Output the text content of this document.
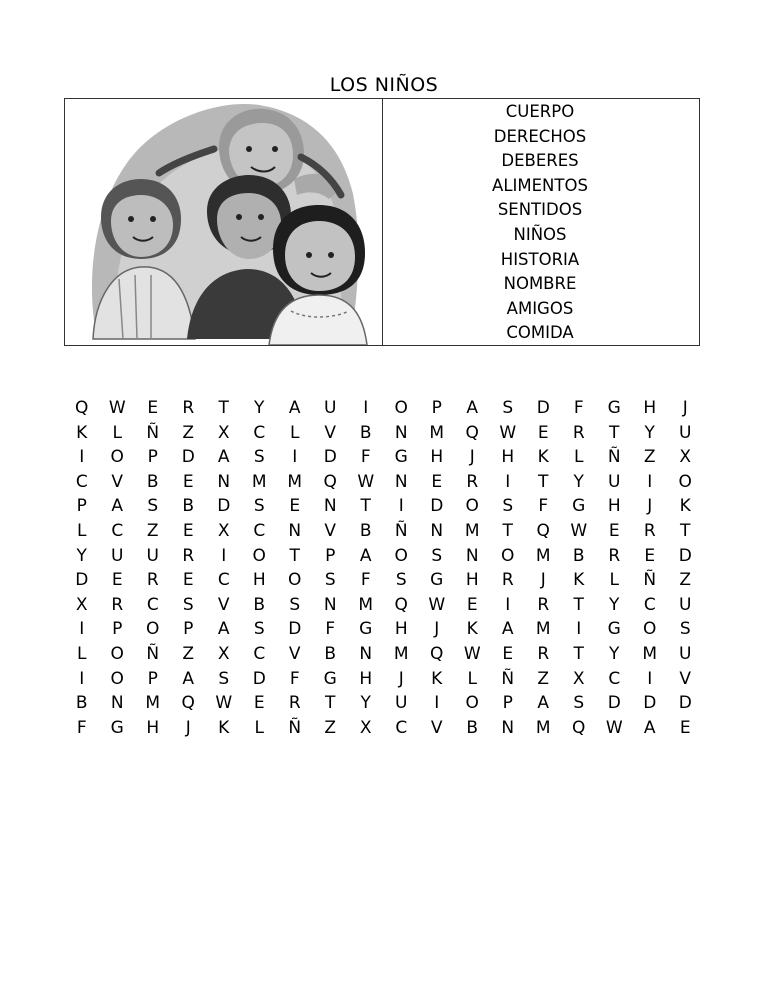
LOS NIÑOS
CUERPO
DERECHOS
DEBERES
ALIMENTOS
SENTIDOS
NIÑOS
HISTORIA
NOMBRE
AMIGOS
COMIDA
Q	W	E	R	T	Y	A	U	I	O	P	A	S	D	F	G	H	J
K	L	Ñ	Z	X	C	L	V	B	N	M	Q	W	E	R	T	Y	U
I	O	P	D	A	S	I	D	F	G	H	J	H	K	L	Ñ	Z	X
C	V	B	E	N	M	M	Q	W	N	E	R	I	T	Y	U	I	O
P	A	S	B	D	S	E	N	T	I	D	O	S	F	G	H	J	K
L	C	Z	E	X	C	N	V	B	Ñ	N	M	T	Q	W	E	R	T
Y	U	U	R	I	O	T	P	A	O	S	N	O	M	B	R	E	D
D	E	R	E	C	H	O	S	F	S	G	H	R	J	K	L	Ñ	Z
X	R	C	S	V	B	S	N	M	Q	W	E	I	R	T	Y	C	U
I	P	O	P	A	S	D	F	G	H	J	K	A	M	I	G	O	S
L	O	Ñ	Z	X	C	V	B	N	M	Q	W	E	R	T	Y	M	U
I	O	P	A	S	D	F	G	H	J	K	L	Ñ	Z	X	C	I	V
B	N	M	Q	W	E	R	T	Y	U	I	O	P	A	S	D	D	D
F	G	H	J	K	L	Ñ	Z	X	C	V	B	N	M	Q	W	A	E
